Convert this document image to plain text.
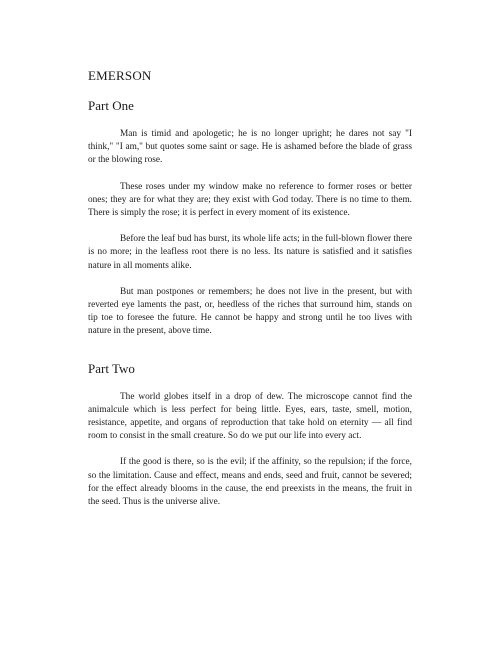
EMERSON
Part One

Man is timid and apologetic; he is no longer upright; he dares not say "I think," "I am," but quotes some saint or sage. He is ashamed before the blade of grass or the blowing rose.

These roses under my window make no reference to former roses or better ones; they are for what they are; they exist with God today. There is no time to them. There is simply the rose; it is perfect in every moment of its existence.

Before the leaf bud has burst, its whole life acts; in the full-blown flower there is no more; in the leafless root there is no less. Its nature is satisfied and it satisfies nature in all moments alike.

But man postpones or remembers; he does not live in the present, but with reverted eye laments the past, or, heedless of the riches that surround him, stands on tip toe to foresee the future. He cannot be happy and strong until he too lives with nature in the present, above time.

Part Two

The world globes itself in a drop of dew. The microscope cannot find the animalcule which is less perfect for being little. Eyes, ears, taste, smell, motion, resistance, appetite, and organs of reproduction that take hold on eternity — all find room to consist in the small creature. So do we put our life into every act.

If the good is there, so is the evil; if the affinity, so the repulsion; if the force, so the limitation. Cause and effect, means and ends, seed and fruit, cannot be severed; for the effect already blooms in the cause, the end preexists in the means, the fruit in the seed. Thus is the universe alive.
